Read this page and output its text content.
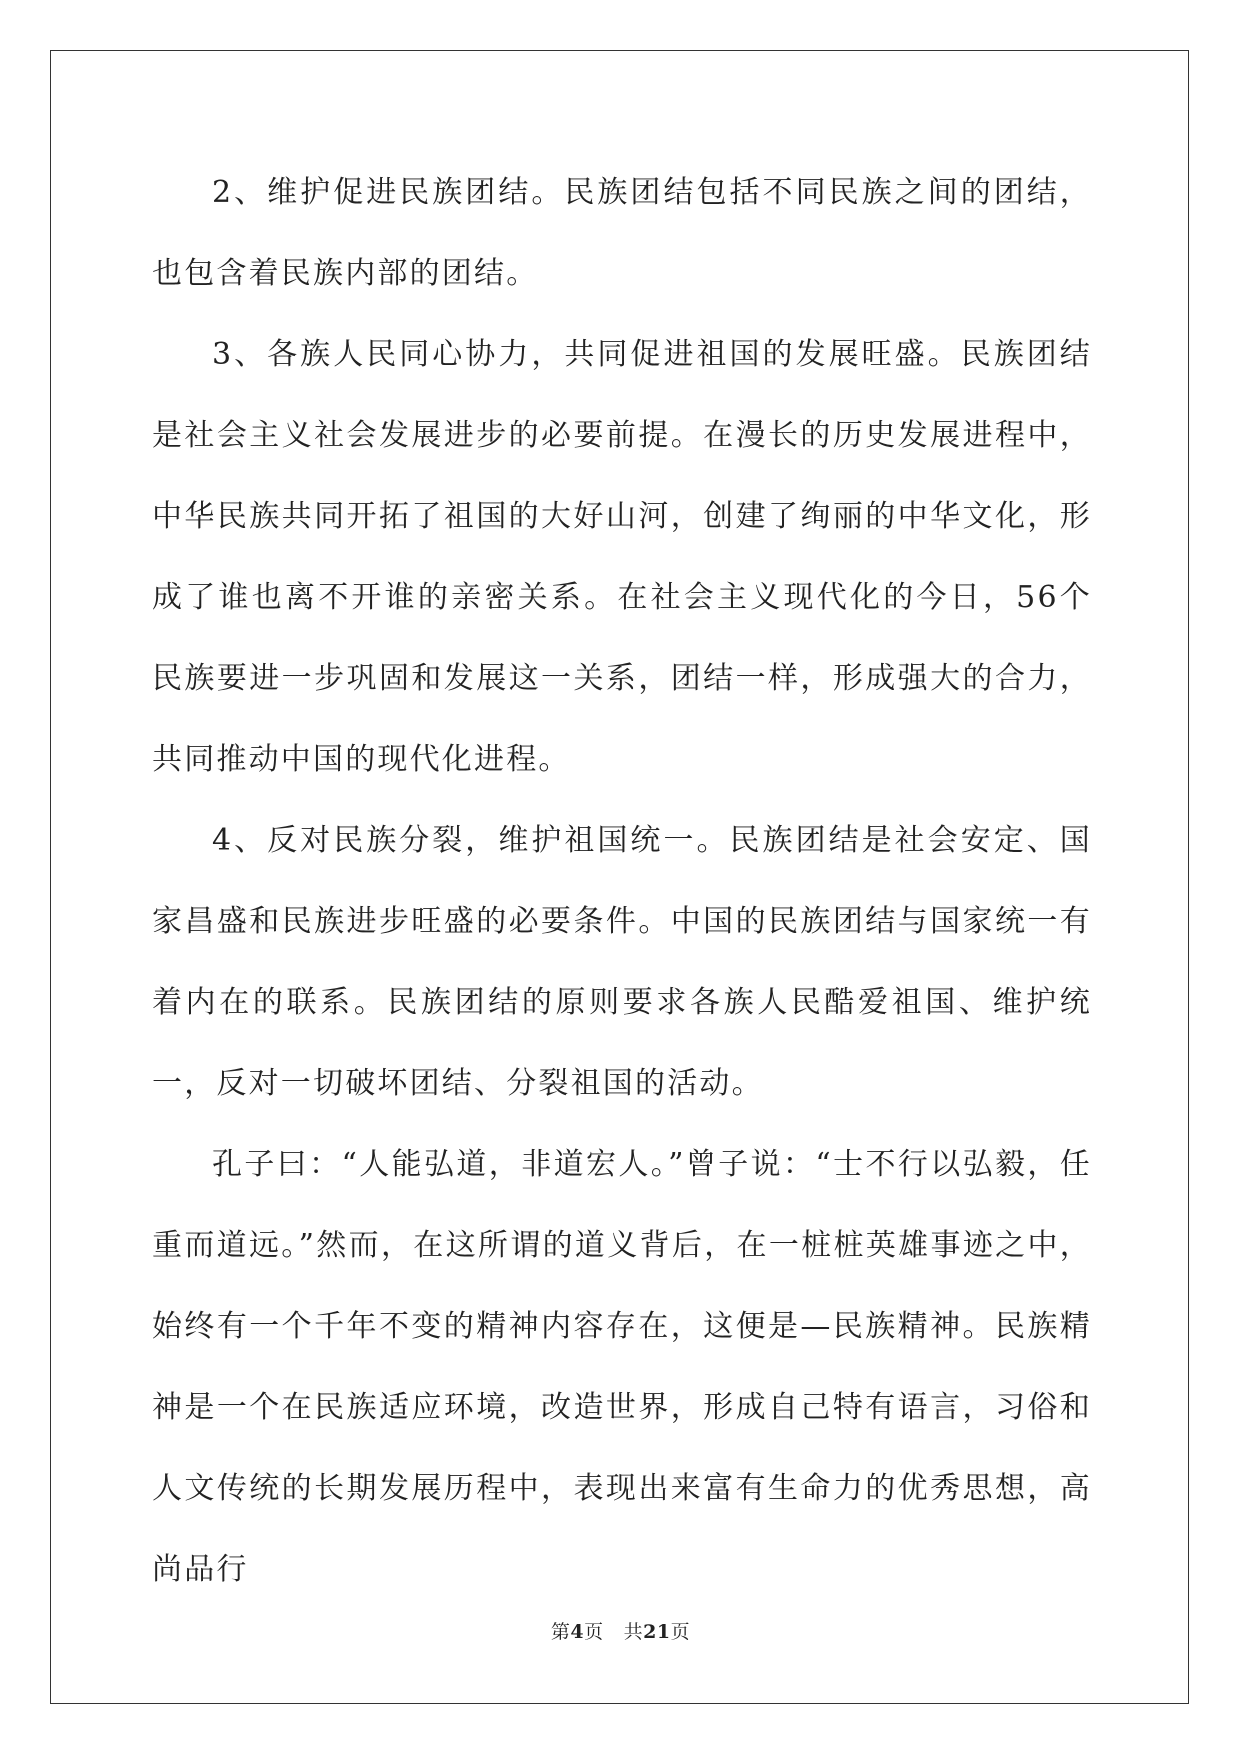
2、维护促进民族团结。民族团结包括不同民族之间的团结，也包含着民族内部的团结。

3、各族人民同心协力，共同促进祖国的发展旺盛。民族团结是社会主义社会发展进步的必要前提。在漫长的历史发展进程中，中华民族共同开拓了祖国的大好山河，创建了绚丽的中华文化，形成了谁也离不开谁的亲密关系。在社会主义现代化的今日，56个民族要进一步巩固和发展这一关系，团结一样，形成强大的合力，共同推动中国的现代化进程。

4、反对民族分裂，维护祖国统一。民族团结是社会安定、国家昌盛和民族进步旺盛的必要条件。中国的民族团结与国家统一有着内在的联系。民族团结的原则要求各族人民酷爱祖国、维护统一，反对一切破坏团结、分裂祖国的活动。

孔子曰：“人能弘道，非道宏人。”曾子说：“士不行以弘毅，任重而道远。”然而，在这所谓的道义背后，在一桩桩英雄事迹之中，始终有一个千年不变的精神内容存在，这便是—民族精神。民族精神是一个在民族适应环境，改造世界，形成自己特有语言，习俗和人文传统的长期发展历程中，表现出来富有生命力的优秀思想，高尚品行

第4页 共21页
